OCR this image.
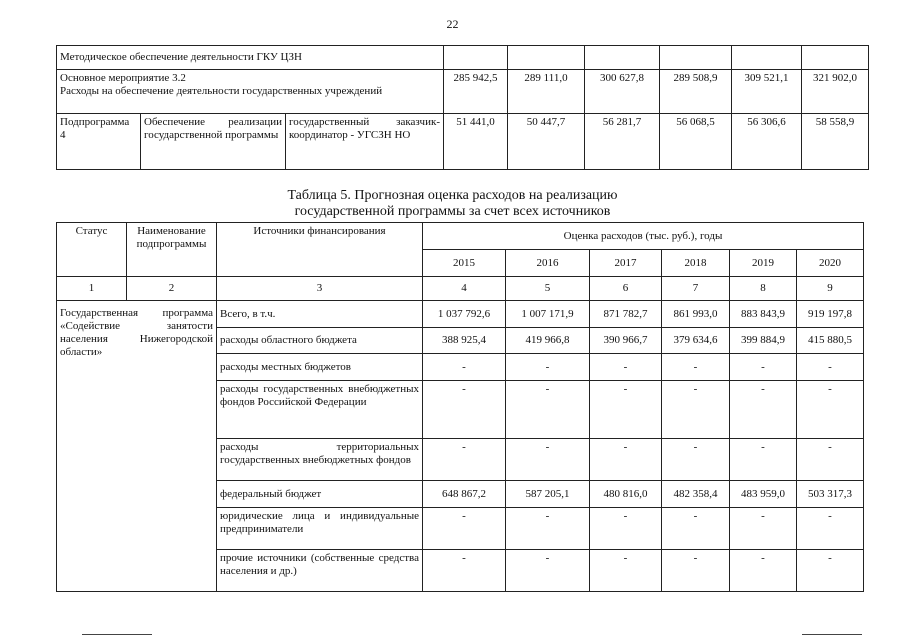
22
Методическое обеспечение деятельности ГКУ ЦЗН								

Основное мероприятие 3.2
Расходы на обеспечение деятельности государственных учреждений			285 942,5	289 111,0	300 627,8	289 508,9	309 521,1	321 902,0
Подпрограмма 4	Обеспечение реализации государственной программы	государственный заказчик-координатор - УГСЗН НО	51 441,0	50 447,7	56 281,7	56 068,5	56 306,6	58 558,9
Таблица 5. Прогнозная оценка расходов на реализацию
государственной программы за счет всех источников
Статус	Наименование подпрограммы	Источники финансирования	Оценка расходов (тыс. руб.), годы					
			2015	2016	2017	2018	2019	2020
1	2	3	4	5	6	7	8	9
Государственная программа «Содействие занятости населения Нижегородской области»		Всего, в т.ч.	1 037 792,6	1 007 171,9	871 782,7	861 993,0	883 843,9	919 197,8
		расходы областного бюджета	388 925,4	419 966,8	390 966,7	379 634,6	399 884,9	415 880,5
		расходы местных бюджетов	-	-	-	-	-	-
		расходы государственных внебюджетных фондов Российской Федерации	-	-	-	-	-	-
		расходы территориальных государственных внебюджетных фондов	-	-	-	-	-	-
		федеральный бюджет	648 867,2	587 205,1	480 816,0	482 358,4	483 959,0	503 317,3
		юридические лица и индивидуальные предприниматели	-	-	-	-	-	-
		прочие источники (собственные средства населения и др.)	-	-	-	-	-	-
